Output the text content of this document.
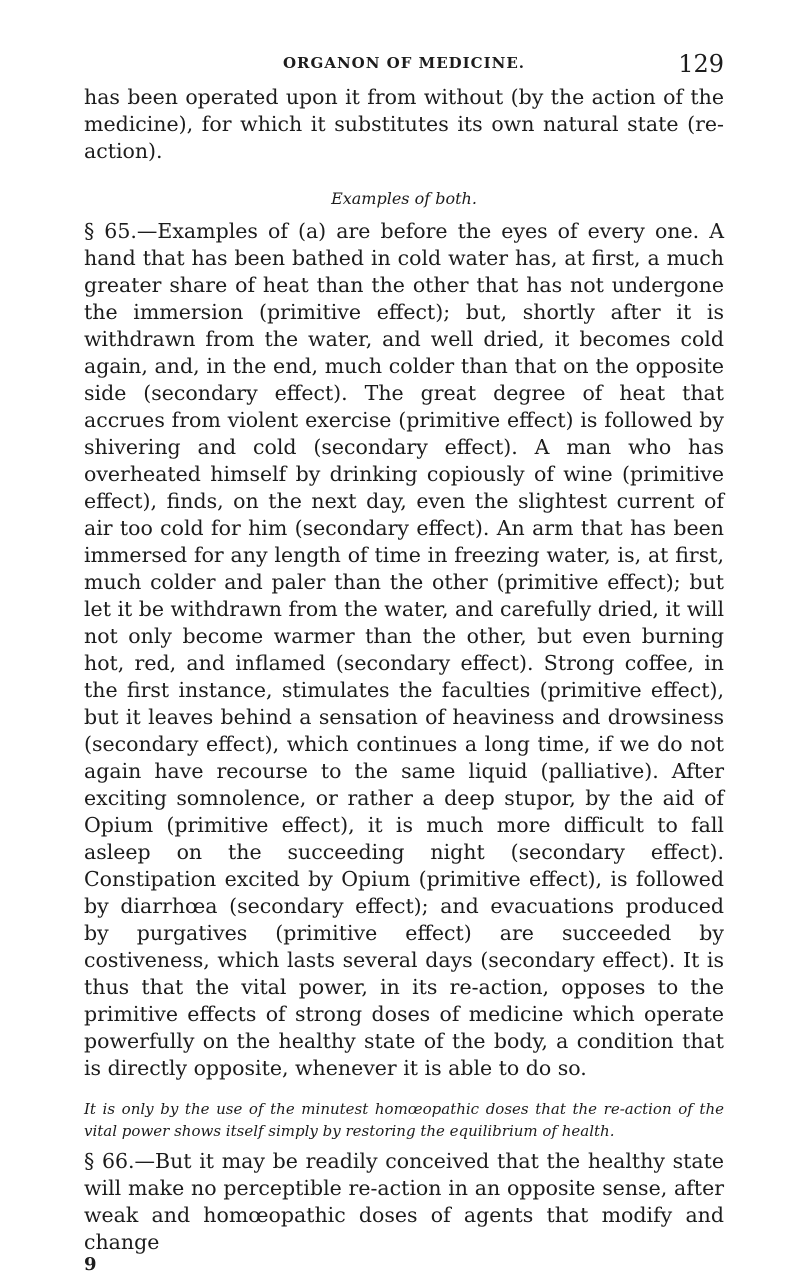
ORGANON OF MEDICINE.	129

has been operated upon it from without (by the action of the medicine), for which it substitutes its own natural state (re-action).

Examples of both.

§ 65.—Examples of (a) are before the eyes of every one. A hand that has been bathed in cold water has, at first, a much greater share of heat than the other that has not undergone the immersion (primitive effect); but, shortly after it is withdrawn from the water, and well dried, it becomes cold again, and, in the end, much colder than that on the opposite side (secondary effect). The great degree of heat that accrues from violent exercise (primitive effect) is followed by shivering and cold (secondary effect). A man who has overheated himself by drinking copiously of wine (primitive effect), finds, on the next day, even the slightest current of air too cold for him (secondary effect). An arm that has been immersed for any length of time in freezing water, is, at first, much colder and paler than the other (primitive effect); but let it be withdrawn from the water, and carefully dried, it will not only become warmer than the other, but even burning hot, red, and inflamed (secondary effect). Strong coffee, in the first instance, stimulates the faculties (primitive effect), but it leaves behind a sensation of heaviness and drowsiness (secondary effect), which continues a long time, if we do not again have recourse to the same liquid (palliative). After exciting somnolence, or rather a deep stupor, by the aid of Opium (primitive effect), it is much more difficult to fall asleep on the succeeding night (secondary effect). Constipation excited by Opium (primitive effect), is followed by diarrhœa (secondary effect); and evacuations produced by purgatives (primitive effect) are succeeded by costiveness, which lasts several days (secondary effect). It is thus that the vital power, in its re-action, opposes to the primitive effects of strong doses of medicine which operate powerfully on the healthy state of the body, a condition that is directly opposite, whenever it is able to do so.

It is only by the use of the minutest homœopathic doses that the re-action of the vital power shows itself simply by restoring the equilibrium of health.

§ 66.—But it may be readily conceived that the healthy state will make no perceptible re-action in an opposite sense, after weak and homœopathic doses of agents that modify and change

9
